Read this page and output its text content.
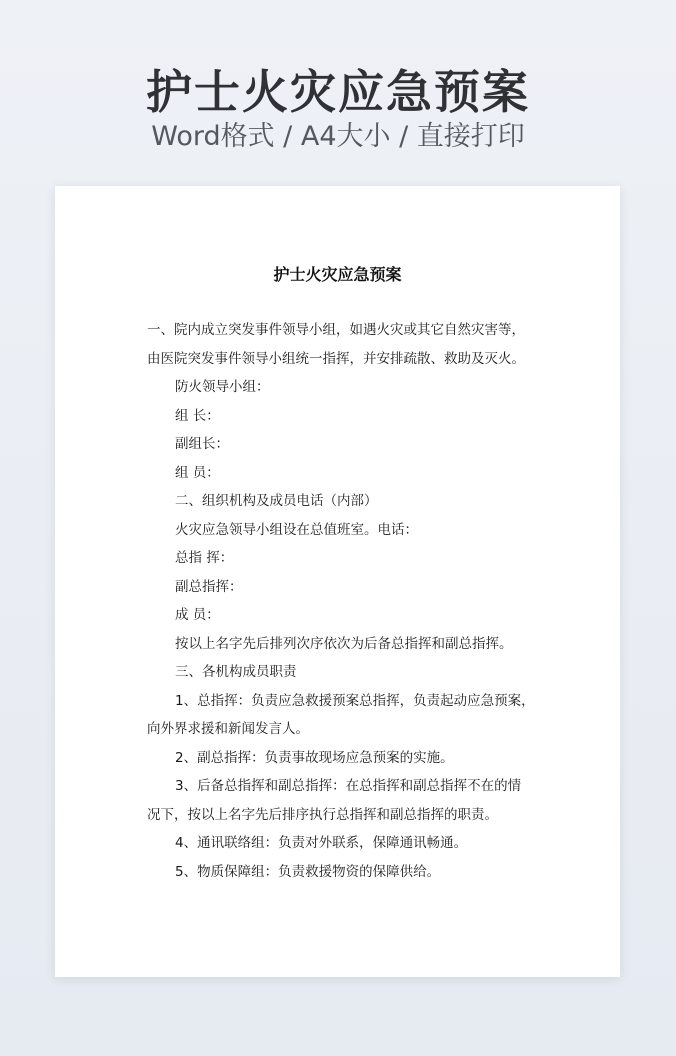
护士火灾应急预案
Word格式 / A4大小 / 直接打印
护士火灾应急预案
一、院内成立突发事件领导小组，如遇火灾或其它自然灾害等，
由医院突发事件领导小组统一指挥，并安排疏散、救助及灭火。
防火领导小组：
组 长：
副组长：
组 员：
二、组织机构及成员电话（内部）
火灾应急领导小组设在总值班室。电话：
总指 挥：
副总指挥：
成 员：
按以上名字先后排列次序依次为后备总指挥和副总指挥。
三、各机构成员职责
1、总指挥：负责应急救援预案总指挥，负责起动应急预案，
向外界求援和新闻发言人。
2、副总指挥：负责事故现场应急预案的实施。
3、后备总指挥和副总指挥：在总指挥和副总指挥不在的情
况下，按以上名字先后排序执行总指挥和副总指挥的职责。
4、通讯联络组：负责对外联系，保障通讯畅通。
5、物质保障组：负责救援物资的保障供给。
